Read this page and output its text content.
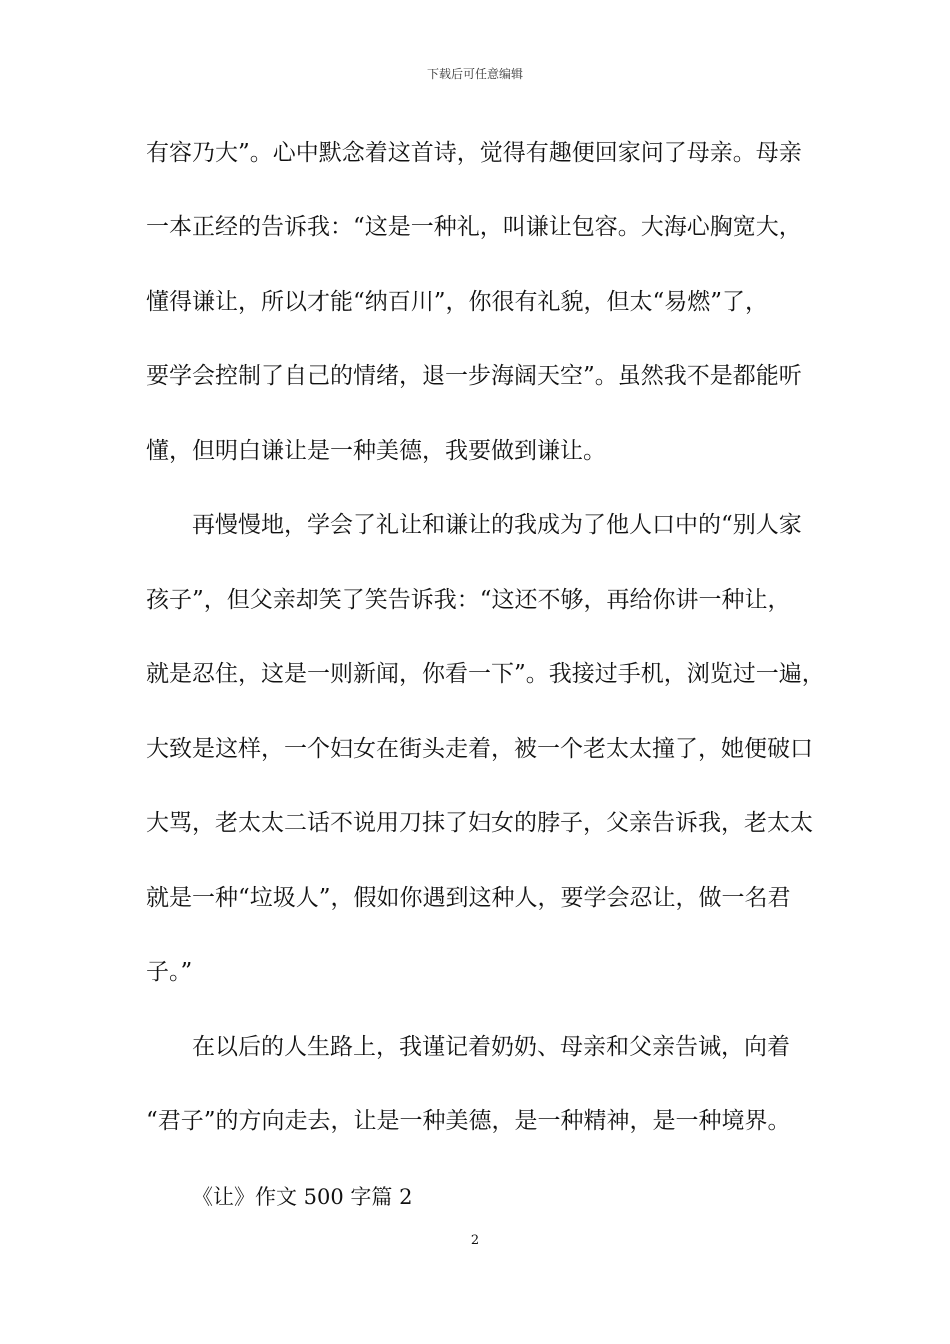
下载后可任意编辑
有容乃大”。心中默念着这首诗，觉得有趣便回家问了母亲。母亲
一本正经的告诉我：“这是一种礼，叫谦让包容。大海心胸宽大，
懂得谦让，所以才能“纳百川”，你很有礼貌，但太“易燃”了，
要学会控制了自己的情绪，退一步海阔天空”。虽然我不是都能听
懂，但明白谦让是一种美德，我要做到谦让。
再慢慢地，学会了礼让和谦让的我成为了他人口中的“别人家
孩子”，但父亲却笑了笑告诉我：“这还不够，再给你讲一种让，
就是忍住，这是一则新闻，你看一下”。我接过手机，浏览过一遍，
大致是这样，一个妇女在街头走着，被一个老太太撞了，她便破口
大骂，老太太二话不说用刀抹了妇女的脖子，父亲告诉我，老太太
就是一种“垃圾人”，假如你遇到这种人，要学会忍让，做一名君
子。”
在以后的人生路上，我谨记着奶奶、母亲和父亲告诫，向着
“君子”的方向走去，让是一种美德，是一种精神，是一种境界。
《让》作文 500 字篇 2
2
